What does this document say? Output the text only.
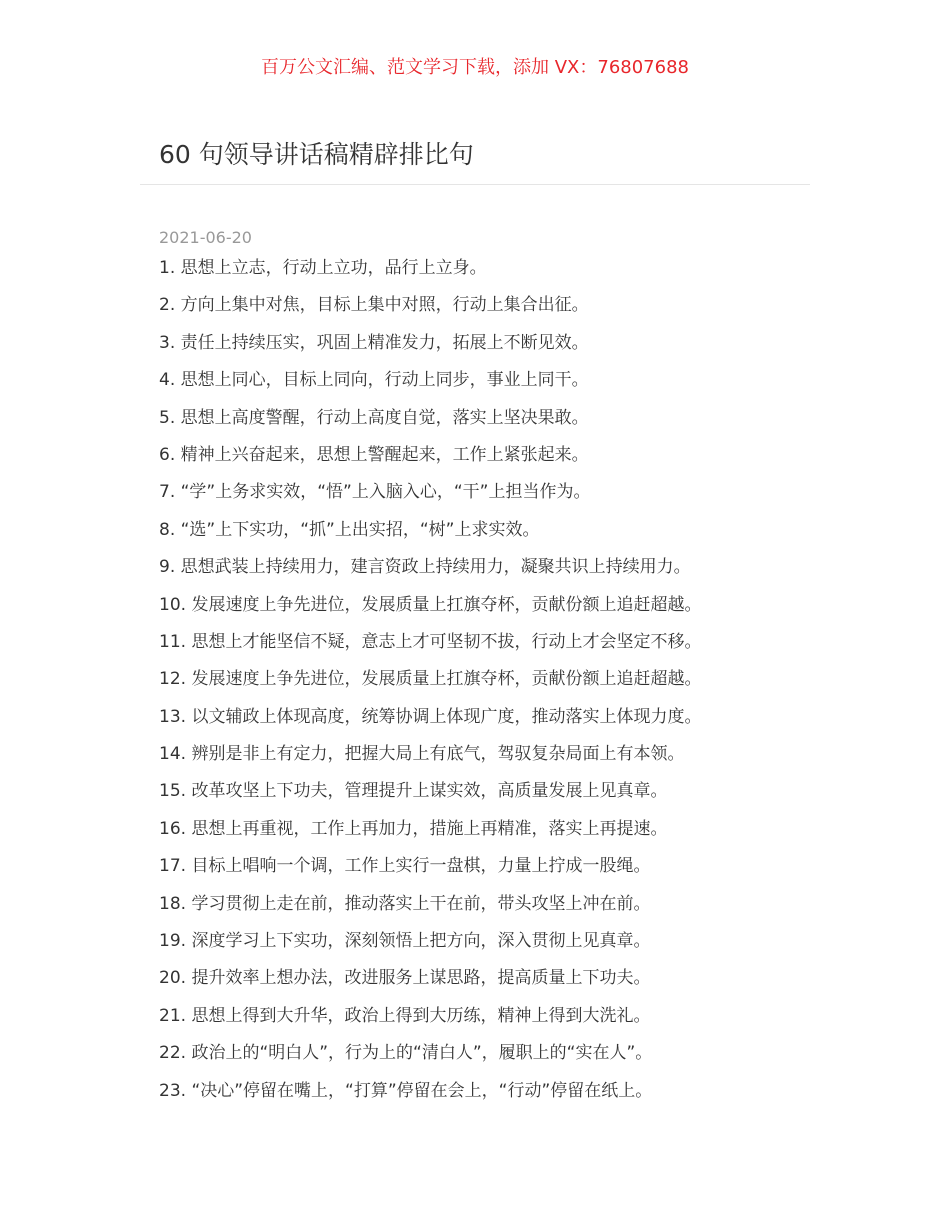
百万公文汇编、范文学习下载，添加 VX：76807688
60 句领导讲话稿精辟排比句
2021-06-20
1. 思想上立志，行动上立功，品行上立身。
2. 方向上集中对焦，目标上集中对照，行动上集合出征。
3. 责任上持续压实，巩固上精准发力，拓展上不断见效。
4. 思想上同心，目标上同向，行动上同步，事业上同干。
5. 思想上高度警醒，行动上高度自觉，落实上坚决果敢。
6. 精神上兴奋起来，思想上警醒起来，工作上紧张起来。
7. “学”上务求实效，“悟”上入脑入心，“干”上担当作为。
8. “选”上下实功，“抓”上出实招，“树”上求实效。
9. 思想武装上持续用力，建言资政上持续用力，凝聚共识上持续用力。
10. 发展速度上争先进位，发展质量上扛旗夺杯，贡献份额上追赶超越。
11. 思想上才能坚信不疑，意志上才可坚韧不拔，行动上才会坚定不移。
12. 发展速度上争先进位，发展质量上扛旗夺杯，贡献份额上追赶超越。
13. 以文辅政上体现高度，统筹协调上体现广度，推动落实上体现力度。
14. 辨别是非上有定力，把握大局上有底气，驾驭复杂局面上有本领。
15. 改革攻坚上下功夫，管理提升上谋实效，高质量发展上见真章。
16. 思想上再重视，工作上再加力，措施上再精准，落实上再提速。
17. 目标上唱响一个调，工作上实行一盘棋，力量上拧成一股绳。
18. 学习贯彻上走在前，推动落实上干在前，带头攻坚上冲在前。
19. 深度学习上下实功，深刻领悟上把方向，深入贯彻上见真章。
20. 提升效率上想办法，改进服务上谋思路，提高质量上下功夫。
21. 思想上得到大升华，政治上得到大历练，精神上得到大洗礼。
22. 政治上的“明白人”，行为上的“清白人”，履职上的“实在人”。
23. “决心”停留在嘴上，“打算”停留在会上，“行动”停留在纸上。
